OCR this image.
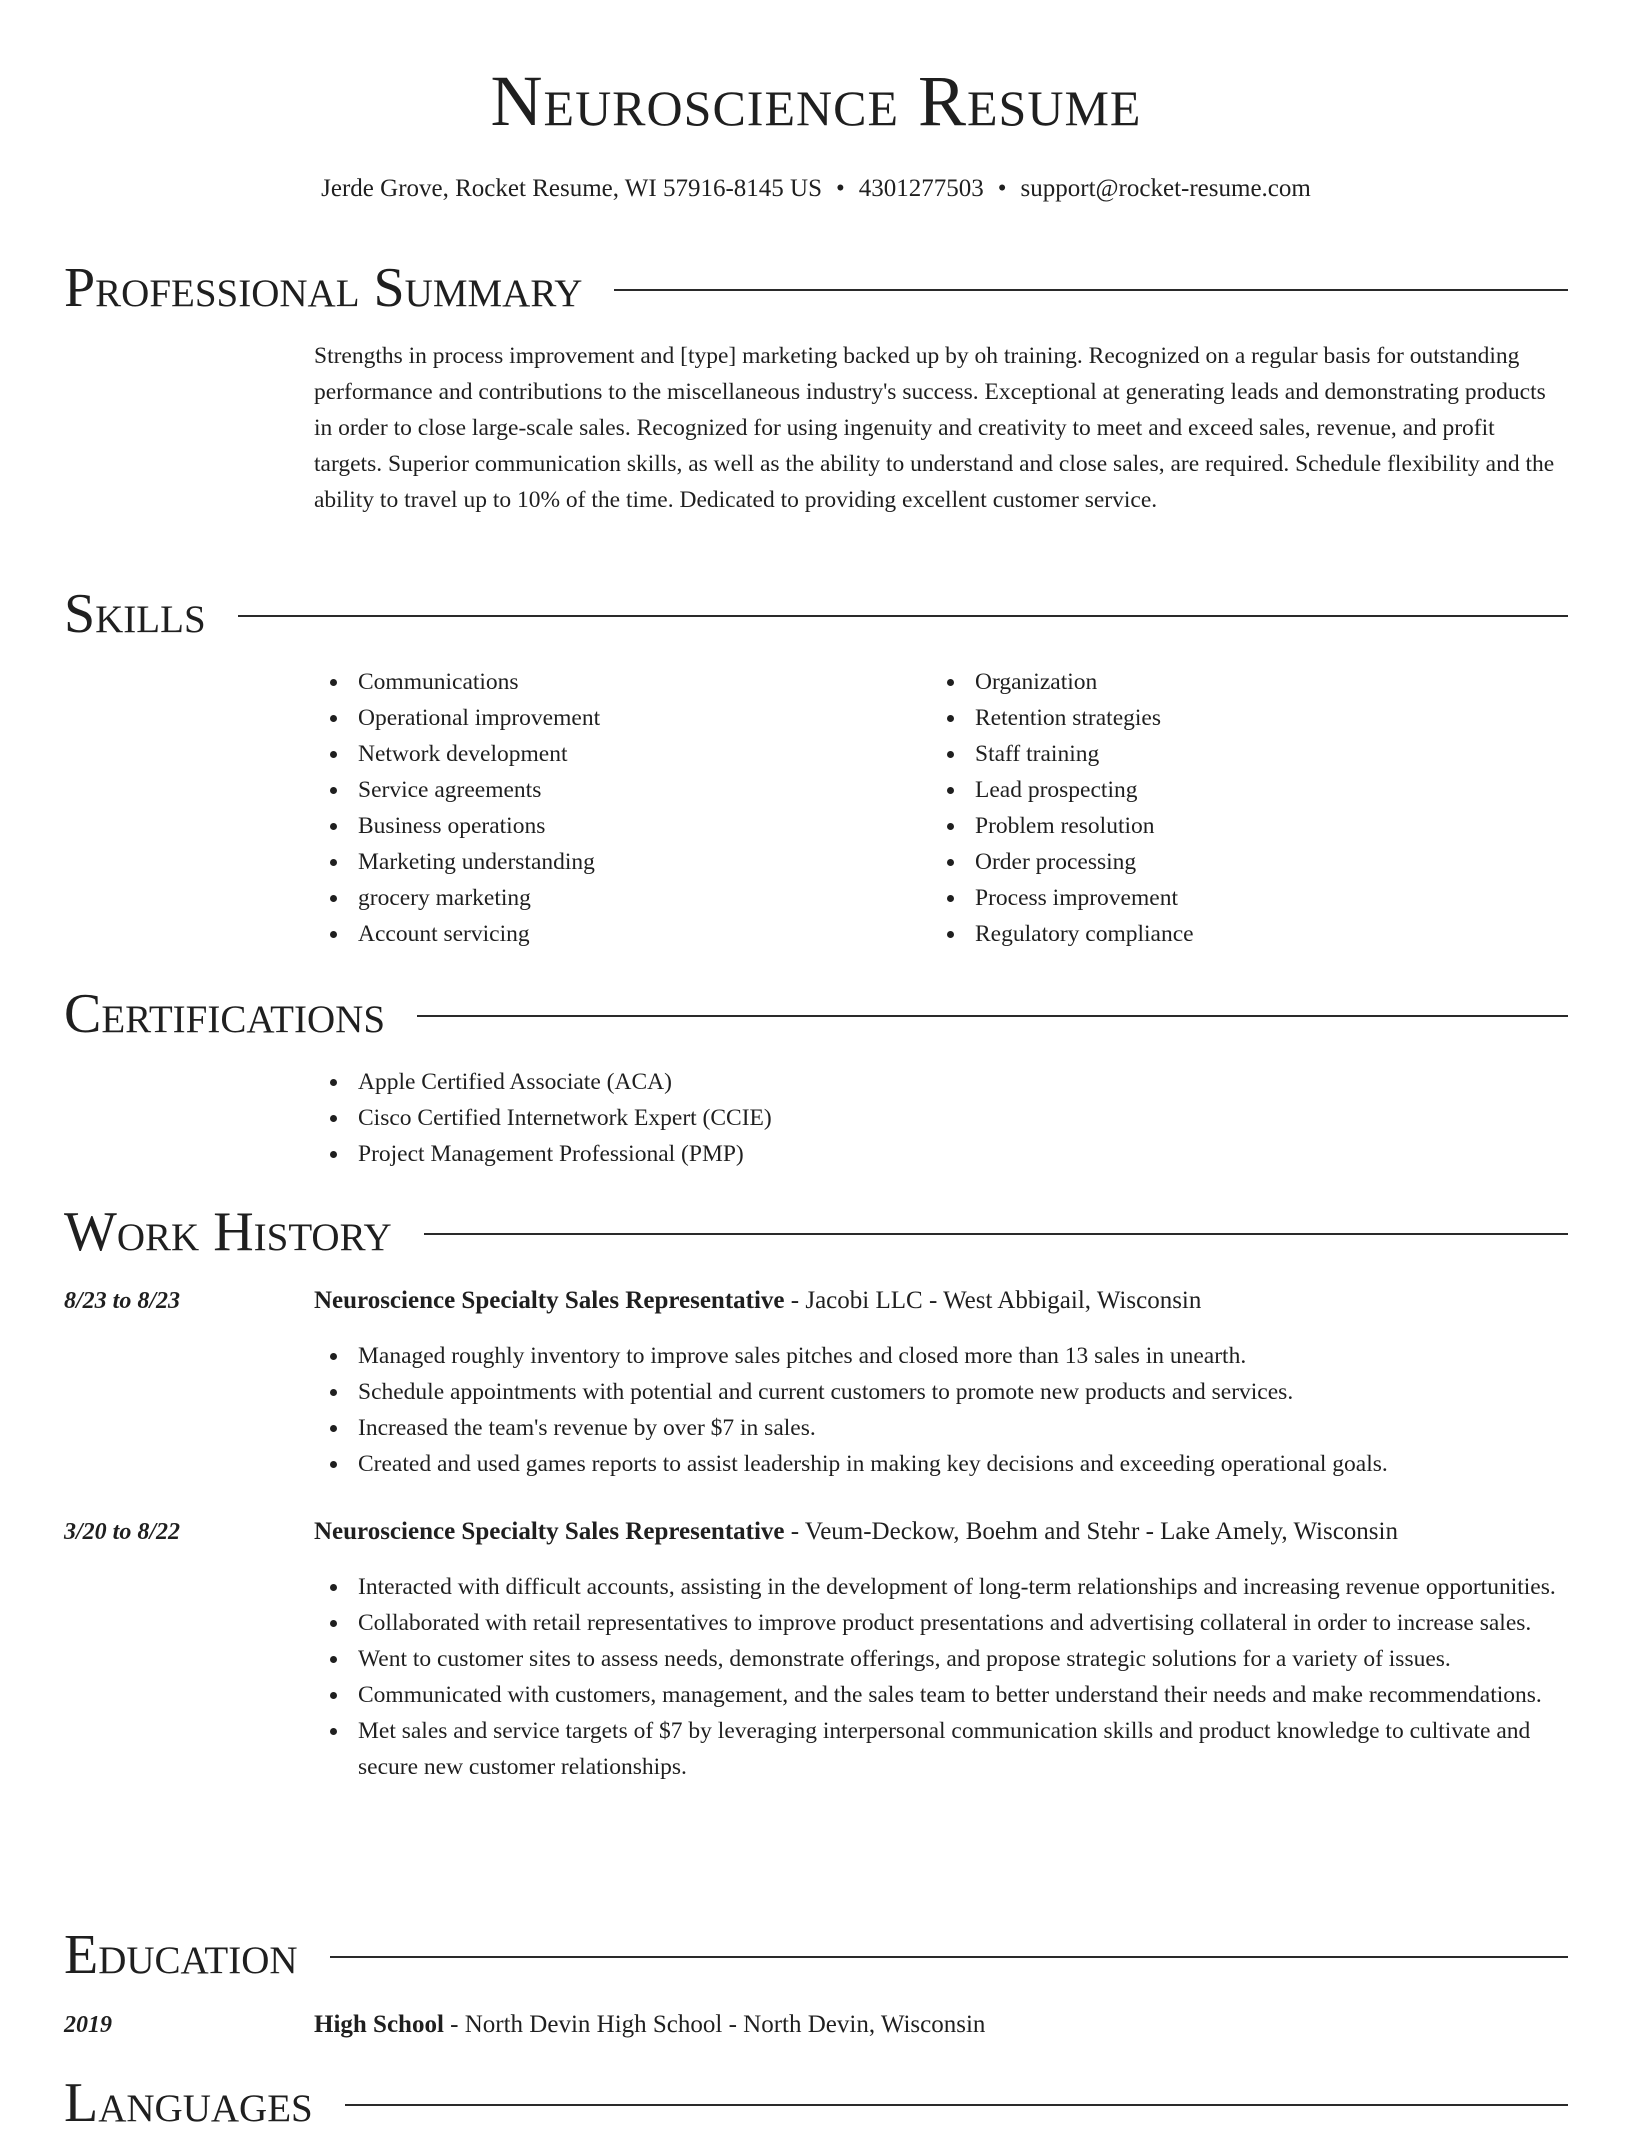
Neuroscience Resume
Jerde Grove, Rocket Resume, WI 57916-8145 US • 4301277503 • support@rocket-resume.com
Professional Summary

Strengths in process improvement and [type] marketing backed up by oh training. Recognized on a regular basis for outstanding performance and contributions to the miscellaneous industry's success. Exceptional at generating leads and demonstrating products in order to close large-scale sales. Recognized for using ingenuity and creativity to meet and exceed sales, revenue, and profit targets. Superior communication skills, as well as the ability to understand and close sales, are required. Schedule flexibility and the ability to travel up to 10% of the time. Dedicated to providing excellent customer service.

Skills
Communications
Operational improvement
Network development
Service agreements
Business operations
Marketing understanding
grocery marketing
Account servicing
Organization
Retention strategies
Staff training
Lead prospecting
Problem resolution
Order processing
Process improvement
Regulatory compliance
Certifications
Apple Certified Associate (ACA)
Cisco Certified Internetwork Expert (CCIE)
Project Management Professional (PMP)
Work History
8/23 to 8/23	Neuroscience Specialty Sales Representative - Jacobi LLC - West Abbigail, Wisconsin
Managed roughly inventory to improve sales pitches and closed more than 13 sales in unearth.
Schedule appointments with potential and current customers to promote new products and services.
Increased the team's revenue by over $7 in sales.
Created and used games reports to assist leadership in making key decisions and exceeding operational goals.
3/20 to 8/22	Neuroscience Specialty Sales Representative - Veum-Deckow, Boehm and Stehr - Lake Amely, Wisconsin
Interacted with difficult accounts, assisting in the development of long-term relationships and increasing revenue opportunities.
Collaborated with retail representatives to improve product presentations and advertising collateral in order to increase sales.
Went to customer sites to assess needs, demonstrate offerings, and propose strategic solutions for a variety of issues.
Communicated with customers, management, and the sales team to better understand their needs and make recommendations.
Met sales and service targets of $7 by leveraging interpersonal communication skills and product knowledge to cultivate and secure new customer relationships.
Education
2019	High School - North Devin High School - North Devin, Wisconsin
Languages
